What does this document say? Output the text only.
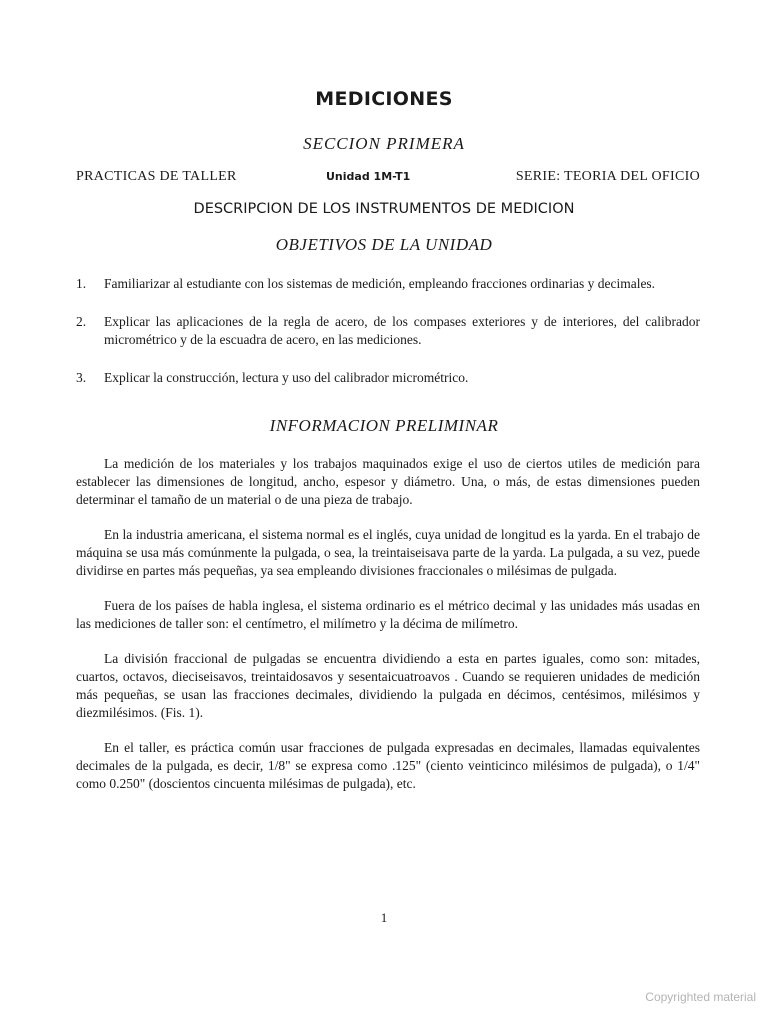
MEDICIONES
SECCION PRIMERA
PRACTICAS DE TALLER	Unidad 1M-T1	SERIE: TEORIA DEL OFICIO
DESCRIPCION DE LOS INSTRUMENTOS DE MEDICION
OBJETIVOS DE LA UNIDAD
1. Familiarizar al estudiante con los sistemas de medición, empleando fracciones ordinarias y decimales.
2. Explicar las aplicaciones de la regla de acero, de los compases exteriores y de interiores, del calibrador micrométrico y de la escuadra de acero, en las mediciones.
3. Explicar la construcción, lectura y uso del calibrador micrométrico.
INFORMACION PRELIMINAR

La medición de los materiales y los trabajos maquinados exige el uso de ciertos utiles de medición para establecer las dimensiones de longitud, ancho, espesor y diámetro. Una, o más, de estas dimensiones pueden determinar el tamaño de un material o de una pieza de trabajo.

En la industria americana, el sistema normal es el inglés, cuya unidad de longitud es la yarda. En el trabajo de máquina se usa más comúnmente la pulgada, o sea, la treintaiseisava parte de la yarda. La pulgada, a su vez, puede dividirse en partes más pequeñas, ya sea empleando divisiones fraccionales o milésimas de pulgada.

Fuera de los países de habla inglesa, el sistema ordinario es el métrico decimal y las unidades más usadas en las mediciones de taller son: el centímetro, el milímetro y la décima de milímetro.

La división fraccional de pulgadas se encuentra dividiendo a esta en partes iguales, como son: mitades, cuartos, octavos, dieciseisavos, treintaidosavos y sesentaicuatroavos . Cuando se requieren unidades de medición más pequeñas, se usan las fracciones decimales, dividiendo la pulgada en décimos, centésimos, milésimos y diezmilésimos. (Fis. 1).

En el taller, es práctica común usar fracciones de pulgada expresadas en decimales, llamadas equivalentes decimales de la pulgada, es decir, 1/8" se expresa como .125" (ciento veinticinco milésimos de pulgada), o 1/4" como 0.250" (doscientos cincuenta milésimas de pulgada), etc.

1
Copyrighted material
